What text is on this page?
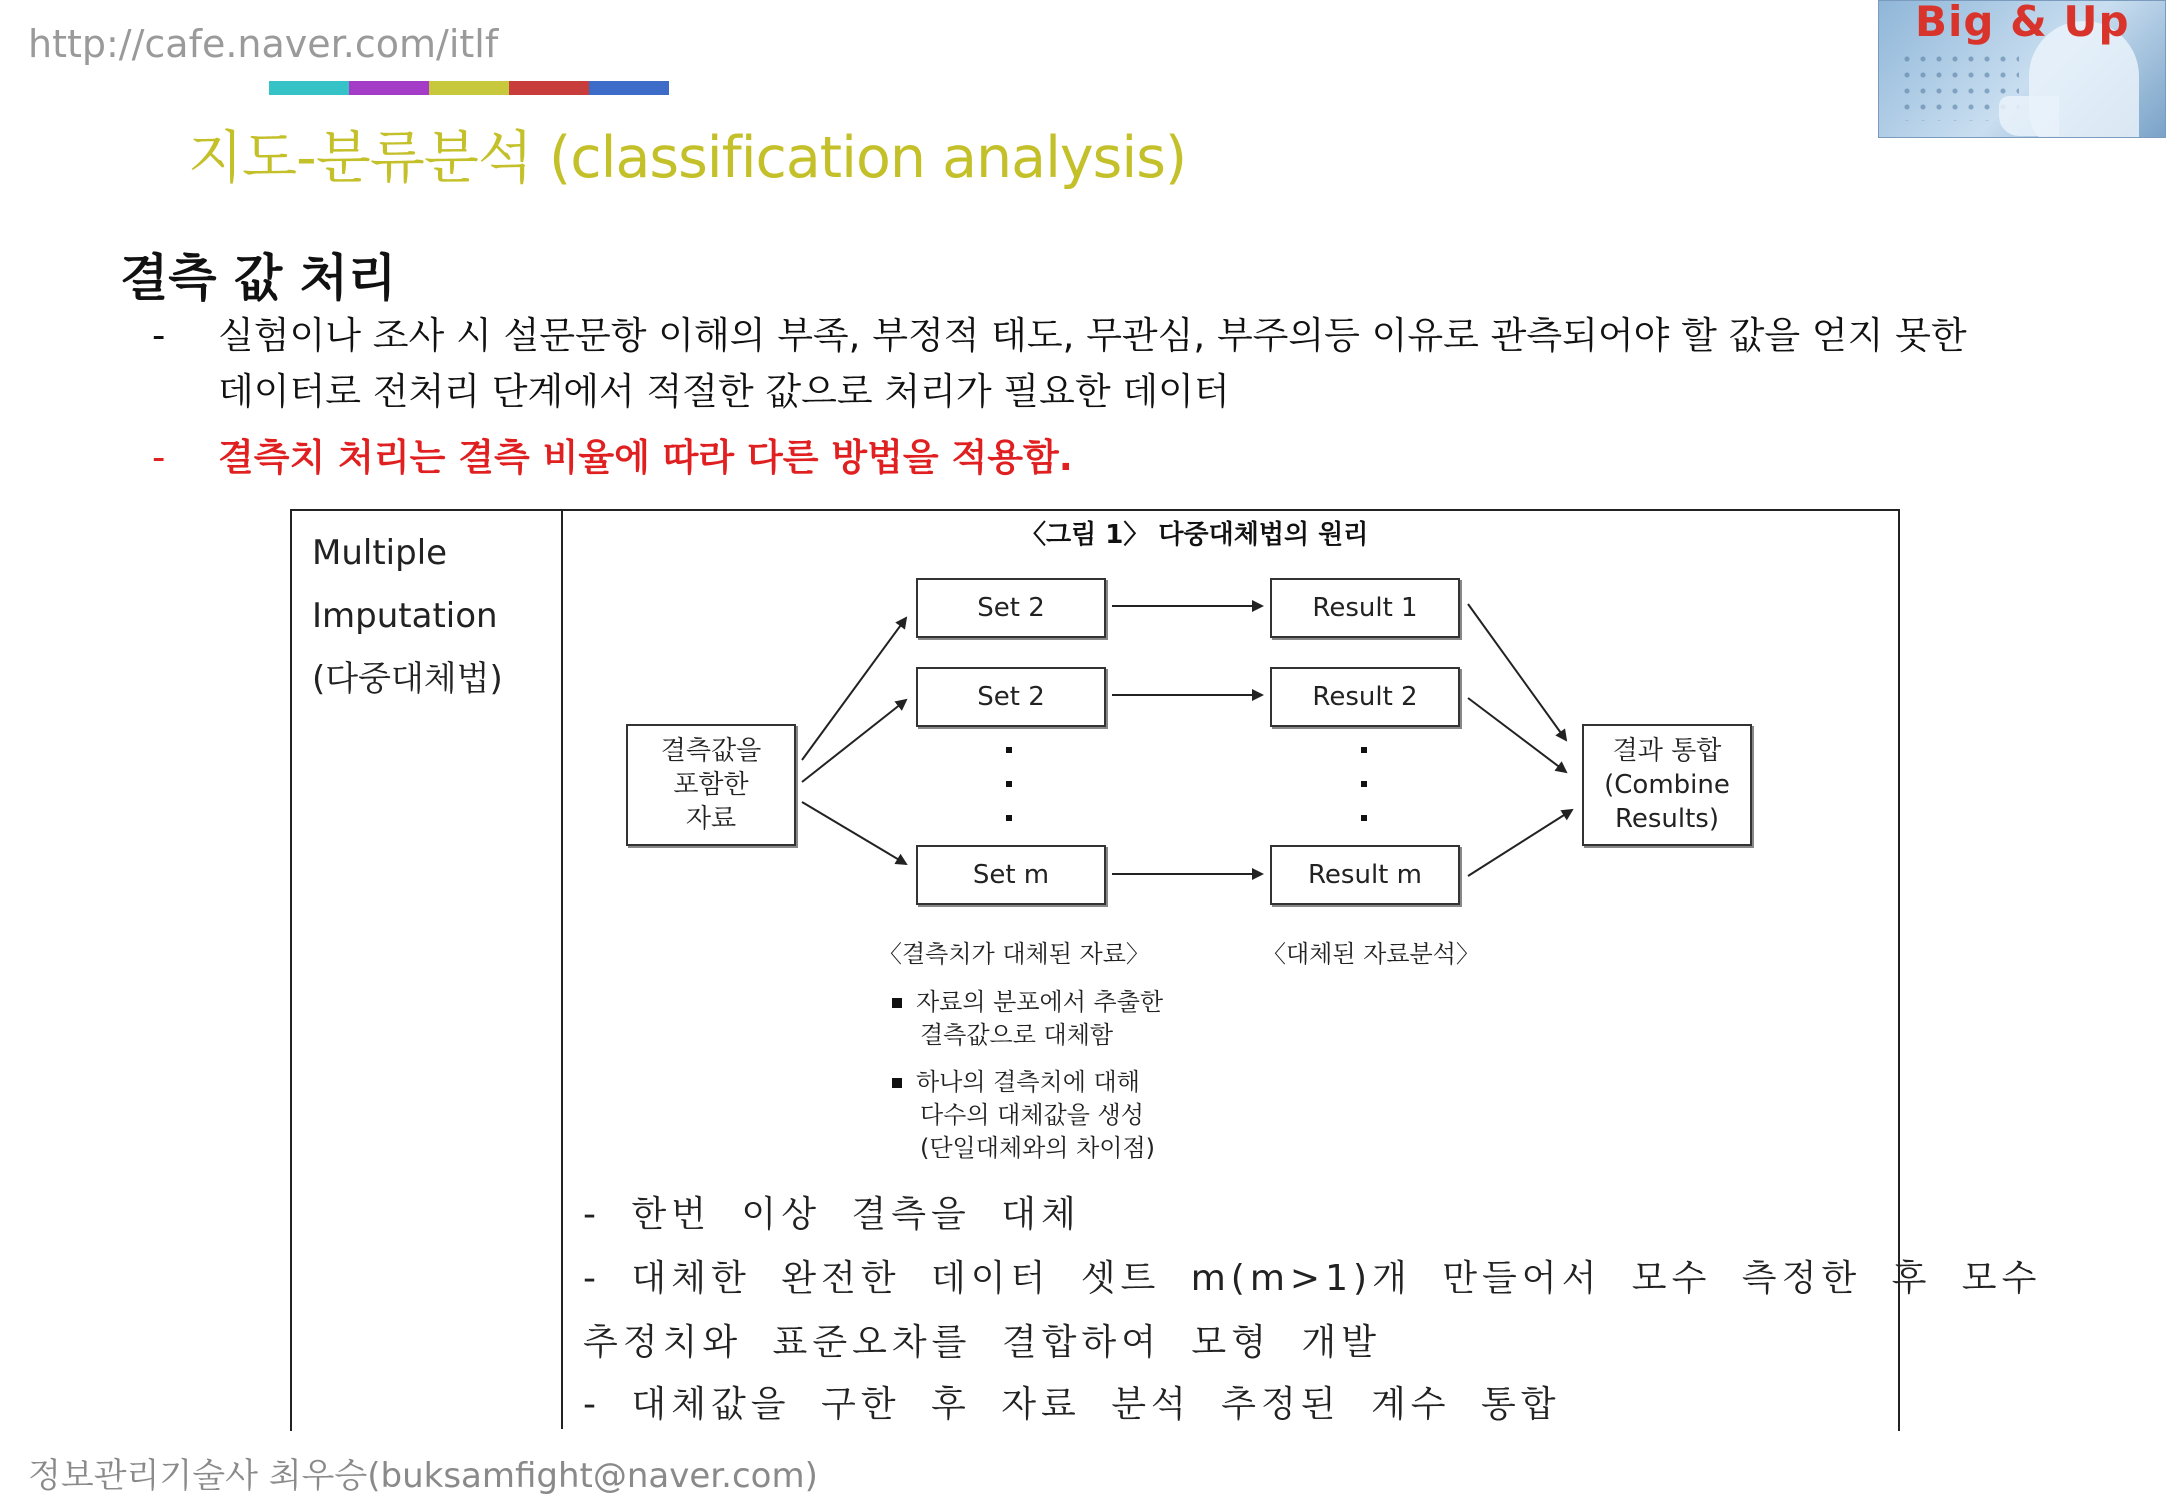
http://cafe.naver.com/itlf
지도-분류분석 (classification analysis)
Big & Up
결측 값 처리
- 실험이나 조사 시 설문문항 이해의 부족, 부정적 태도, 무관심, 부주의등 이유로 관측되어야 할 값을 얻지 못한
데이터로 전처리 단계에서 적절한 값으로 처리가 필요한 데이터
- 결측치 처리는 결측 비율에 따라 다른 방법을 적용함.
Multiple
Imputation
(다중대체법)
〈그림 1〉 다중대체법의 원리
결측값을
포함한
자료
Set 2
Set 2
Set m
Result 1
Result 2
Result m
결과 통합
(Combine
Results)
〈결측치가 대체된 자료〉	〈대체된 자료분석〉
자료의 분포에서 추출한
결측값으로 대체함
하나의 결측치에 대해
다수의 대체값을 생성
(단일대체와의 차이점)
- 한번 이상 결측을 대체
- 대체한 완전한 데이터 셋트 m(m>1)개 만들어서 모수 측정한 후 모수
추정치와 표준오차를 결합하여 모형 개발
- 대체값을 구한 후 자료 분석 추정된 계수 통합
정보관리기술사 최우승(buksamfight@naver.com)
